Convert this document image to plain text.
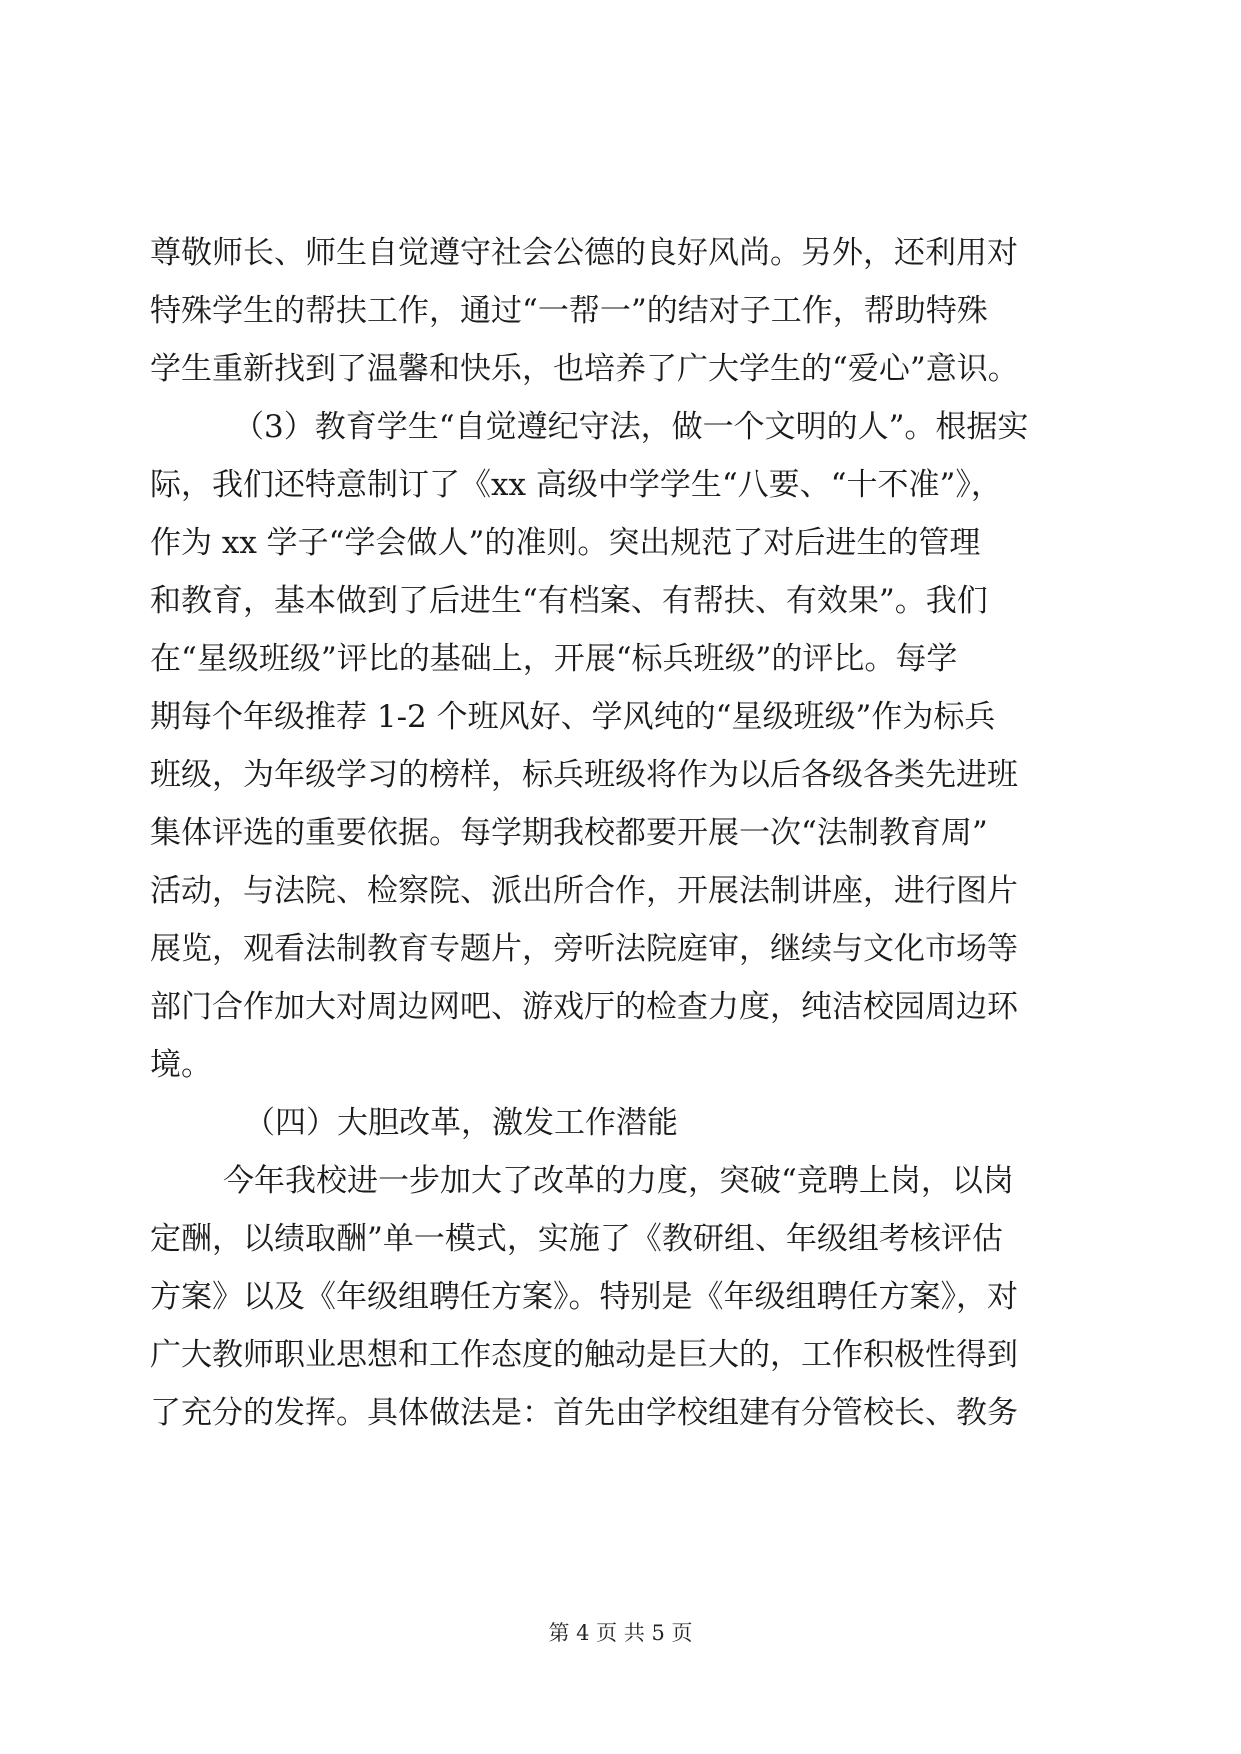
尊敬师长、师生自觉遵守社会公德的良好风尚。另外，还利用对
特殊学生的帮扶工作，通过“一帮一”的结对子工作，帮助特殊
学生重新找到了温馨和快乐，也培养了广大学生的“爱心”意识。
（3）教育学生“自觉遵纪守法，做一个文明的人”。根据实
际，我们还特意制订了《xx 高级中学学生“八要、“十不准”》，
作为 xx 学子“学会做人”的准则。突出规范了对后进生的管理
和教育，基本做到了后进生“有档案、有帮扶、有效果”。我们
在“星级班级”评比的基础上，开展“标兵班级”的评比。每学
期每个年级推荐 1-2 个班风好、学风纯的“星级班级”作为标兵
班级，为年级学习的榜样，标兵班级将作为以后各级各类先进班
集体评选的重要依据。每学期我校都要开展一次“法制教育周”
活动，与法院、检察院、派出所合作，开展法制讲座，进行图片
展览，观看法制教育专题片，旁听法院庭审，继续与文化市场等
部门合作加大对周边网吧、游戏厅的检查力度，纯洁校园周边环
境。
（四）大胆改革，激发工作潜能
今年我校进一步加大了改革的力度，突破“竞聘上岗，以岗
定酬，以绩取酬”单一模式，实施了《教研组、年级组考核评估
方案》以及《年级组聘任方案》。特别是《年级组聘任方案》，对
广大教师职业思想和工作态度的触动是巨大的，工作积极性得到
了充分的发挥。具体做法是：首先由学校组建有分管校长、教务
第 4 页 共 5 页
